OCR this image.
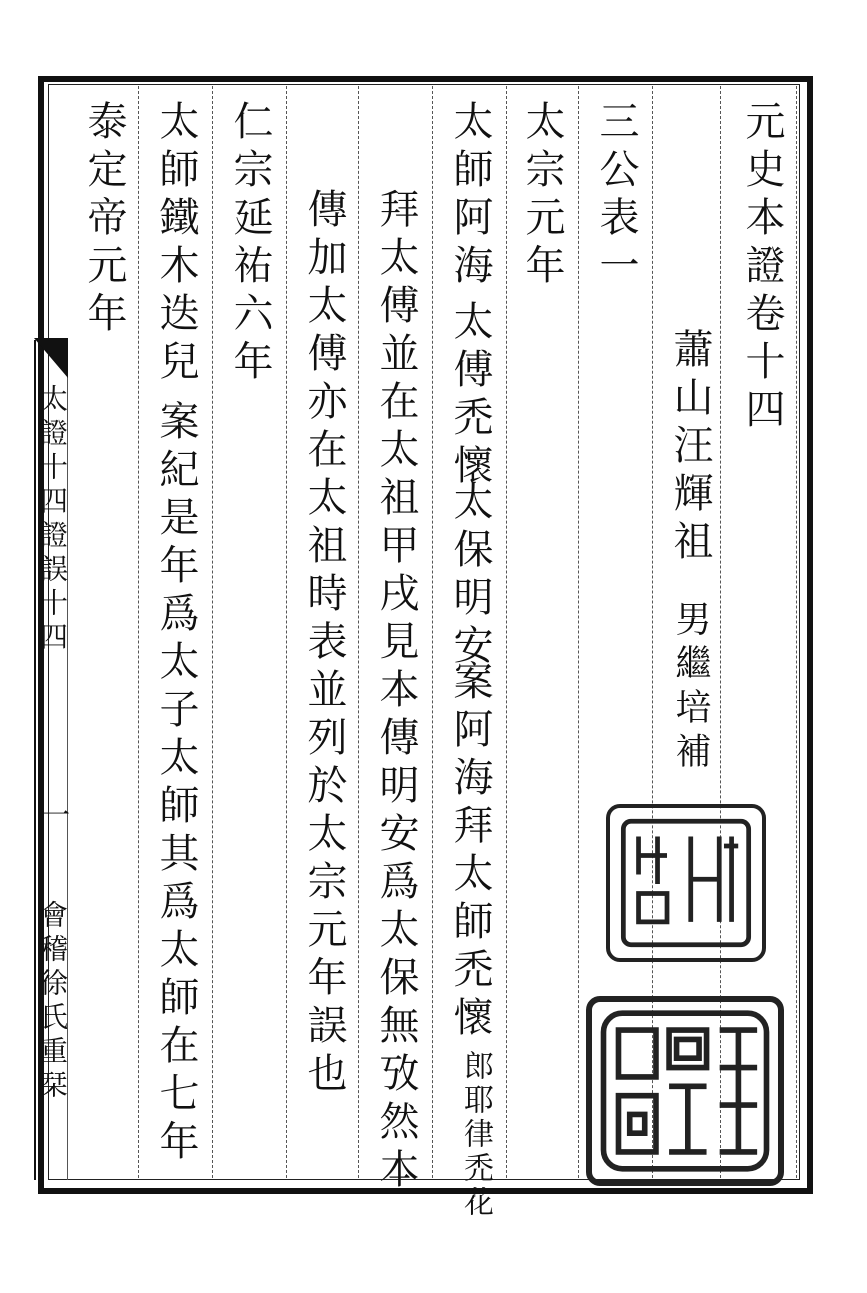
元史本證卷十四
蕭山汪輝祖
男繼培補
三公表一
太宗元年
太師阿海
太傅禿懷
太保明安
案阿海拜太師禿懷
郎耶律禿花
拜太傅並在太祖甲戌見本傳明安爲太保無攷然本
傳加太傅亦在太祖時表並列於太宗元年誤也
仁宗延祐六年
太師鐵木迭兒
案紀是年爲太子太師其爲太師在七年
泰定帝元年
太證十四證誤十四
一
會稽徐氏重栞
